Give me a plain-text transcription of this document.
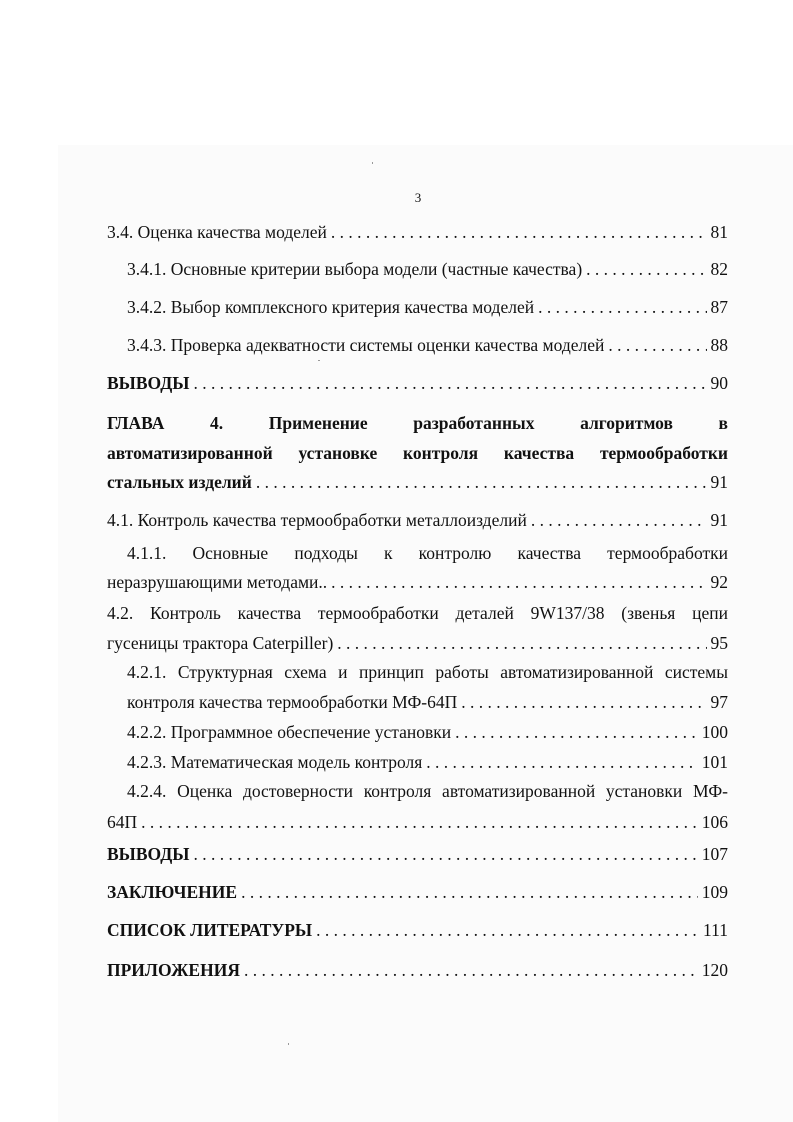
3
3.4. Оценка качества моделей . . .	81
3.4.1. Основные критерии выбора модели (частные качества) . . .	82
3.4.2. Выбор комплексного критерия качества моделей . . .	87
3.4.3. Проверка адекватности системы оценки качества моделей . . .	88
ВЫВОДЫ . . .	90
ГЛАВА 4. Применение разработанных алгоритмов в
автоматизированной установке контроля качества термообработки
стальных изделий . . .	91
4.1. Контроль качества термообработки металлоизделий . . .	91
4.1.1. Основные подходы к контролю качества термообработки
неразрушающими методами.. . . .	92
4.2. Контроль качества термообработки деталей 9W137/38 (звенья цепи
гусеницы трактора Caterpiller) . . .	95
4.2.1. Структурная схема и принцип работы автоматизированной системы
контроля качества термообработки МФ-64П . . .	97
4.2.2. Программное обеспечение установки . . .	100
4.2.3. Математическая модель контроля . . .	101
4.2.4. Оценка достоверности контроля автоматизированной установки МФ-
64П . . .	106
ВЫВОДЫ . . .	107
ЗАКЛЮЧЕНИЕ . . .	109
СПИСОК ЛИТЕРАТУРЫ . . .	111
ПРИЛОЖЕНИЯ . . .	120
